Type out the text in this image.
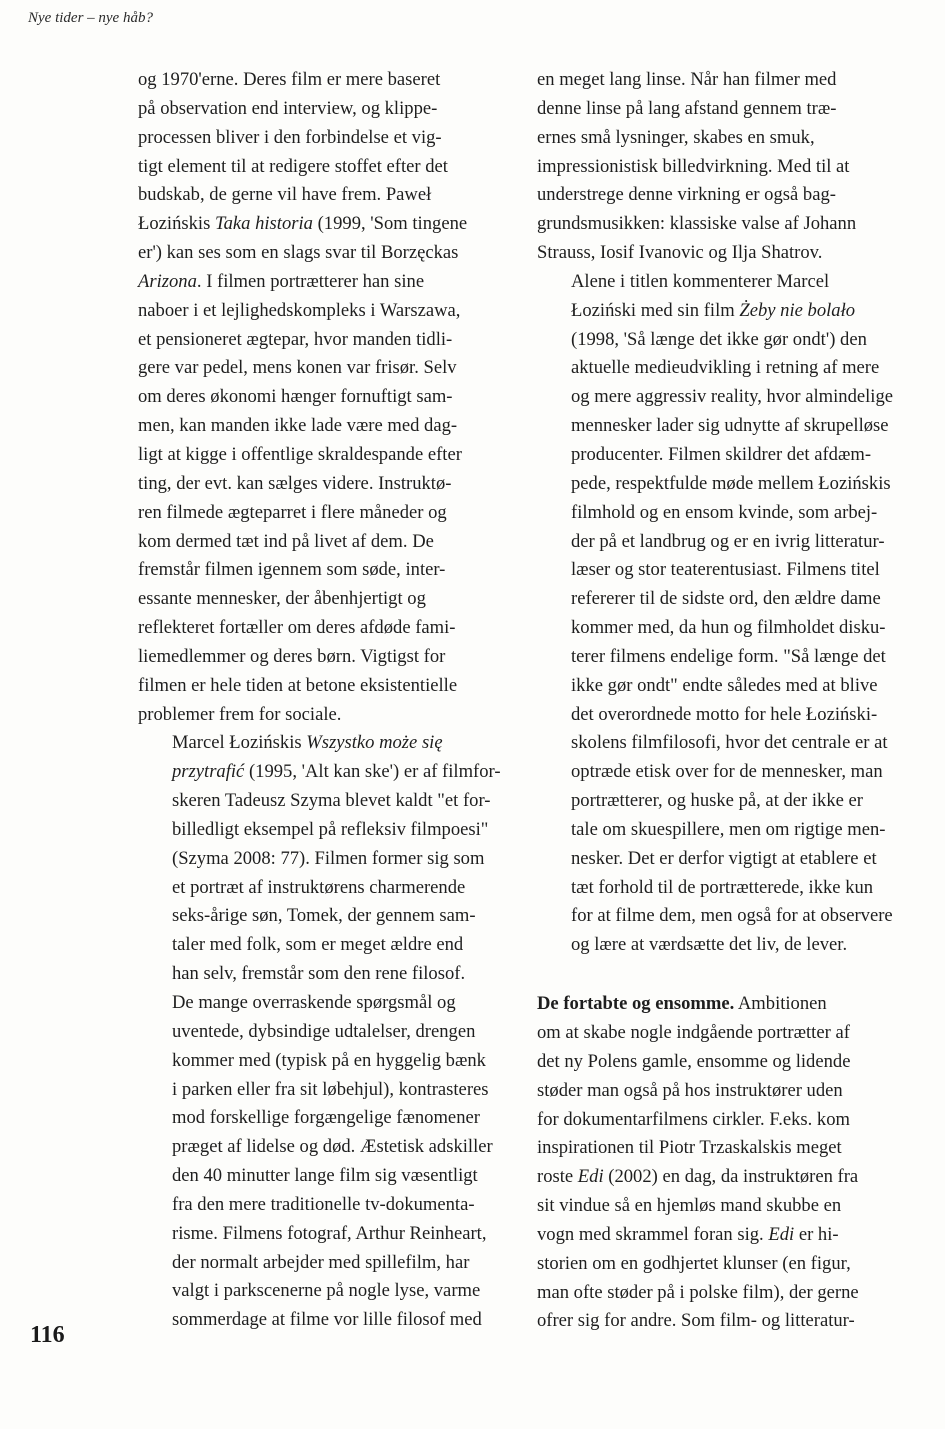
Nye tider – nye håb?

og 1970'erne. Deres film er mere baseret
på observation end interview, og klippe-
processen bliver i den forbindelse et vig-
tigt element til at redigere stoffet efter det
budskab, de gerne vil have frem. Paweł
Łozińskis Taka historia (1999, 'Som tingene
er') kan ses som en slags svar til Borzęckas
Arizona. I filmen portrætterer han sine
naboer i et lejlighedskompleks i Warszawa,
et pensioneret ægtepar, hvor manden tidli-
gere var pedel, mens konen var frisør. Selv
om deres økonomi hænger fornuftigt sam-
men, kan manden ikke lade være med dag-
ligt at kigge i offentlige skraldespande efter
ting, der evt. kan sælges videre. Instruktø-
ren filmede ægteparret i flere måneder og
kom dermed tæt ind på livet af dem. De
fremstår filmen igennem som søde, inter-
essante mennesker, der åbenhjertigt og
reflekteret fortæller om deres afdøde fami-
liemedlemmer og deres børn. Vigtigst for
filmen er hele tiden at betone eksistentielle
problemer frem for sociale.

Marcel Łozińskis Wszystko może się
przytrafić (1995, 'Alt kan ske') er af filmfor-
skeren Tadeusz Szyma blevet kaldt "et for-
billedligt eksempel på refleksiv filmpoesi"
(Szyma 2008: 77). Filmen former sig som
et portræt af instruktørens charmerende
seks-årige søn, Tomek, der gennem sam-
taler med folk, som er meget ældre end
han selv, fremstår som den rene filosof.
De mange overraskende spørgsmål og
uventede, dybsindige udtalelser, drengen
kommer med (typisk på en hyggelig bænk
i parken eller fra sit løbehjul), kontrasteres
mod forskellige forgængelige fænomener
præget af lidelse og død. Æstetisk adskiller
den 40 minutter lange film sig væsentligt
fra den mere traditionelle tv-dokumenta-
risme. Filmens fotograf, Arthur Reinheart,
der normalt arbejder med spillefilm, har
valgt i parkscenerne på nogle lyse, varme
sommerdage at filme vor lille filosof med

en meget lang linse. Når han filmer med
denne linse på lang afstand gennem træ-
ernes små lysninger, skabes en smuk,
impressionistisk billedvirkning. Med til at
understrege denne virkning er også bag-
grundsmusikken: klassiske valse af Johann
Strauss, Iosif Ivanovic og Ilja Shatrov.

Alene i titlen kommenterer Marcel
Łoziński med sin film Żeby nie bolało
(1998, 'Så længe det ikke gør ondt') den
aktuelle medieudvikling i retning af mere
og mere aggressiv reality, hvor almindelige
mennesker lader sig udnytte af skrupelløse
producenter. Filmen skildrer det afdæm-
pede, respektfulde møde mellem Łozińskis
filmhold og en ensom kvinde, som arbej-
der på et landbrug og er en ivrig litteratur-
læser og stor teaterentusiast. Filmens titel
refererer til de sidste ord, den ældre dame
kommer med, da hun og filmholdet disku-
terer filmens endelige form. "Så længe det
ikke gør ondt" endte således med at blive
det overordnede motto for hele Łoziński-
skolens filmfilosofi, hvor det centrale er at
optræde etisk over for de mennesker, man
portrætterer, og huske på, at der ikke er
tale om skuespillere, men om rigtige men-
nesker. Det er derfor vigtigt at etablere et
tæt forhold til de portrætterede, ikke kun
for at filme dem, men også for at observere
og lære at værdsætte det liv, de lever.

De fortabte og ensomme. Ambitionen
om at skabe nogle indgående portrætter af
det ny Polens gamle, ensomme og lidende
støder man også på hos instruktører uden
for dokumentarfilmens cirkler. F.eks. kom
inspirationen til Piotr Trzaskalskis meget
roste Edi (2002) en dag, da instruktøren fra
sit vindue så en hjemløs mand skubbe en
vogn med skrammel foran sig. Edi er hi-
storien om en godhjertet klunser (en figur,
man ofte støder på i polske film), der gerne
ofrer sig for andre. Som film- og litteratur-

116
